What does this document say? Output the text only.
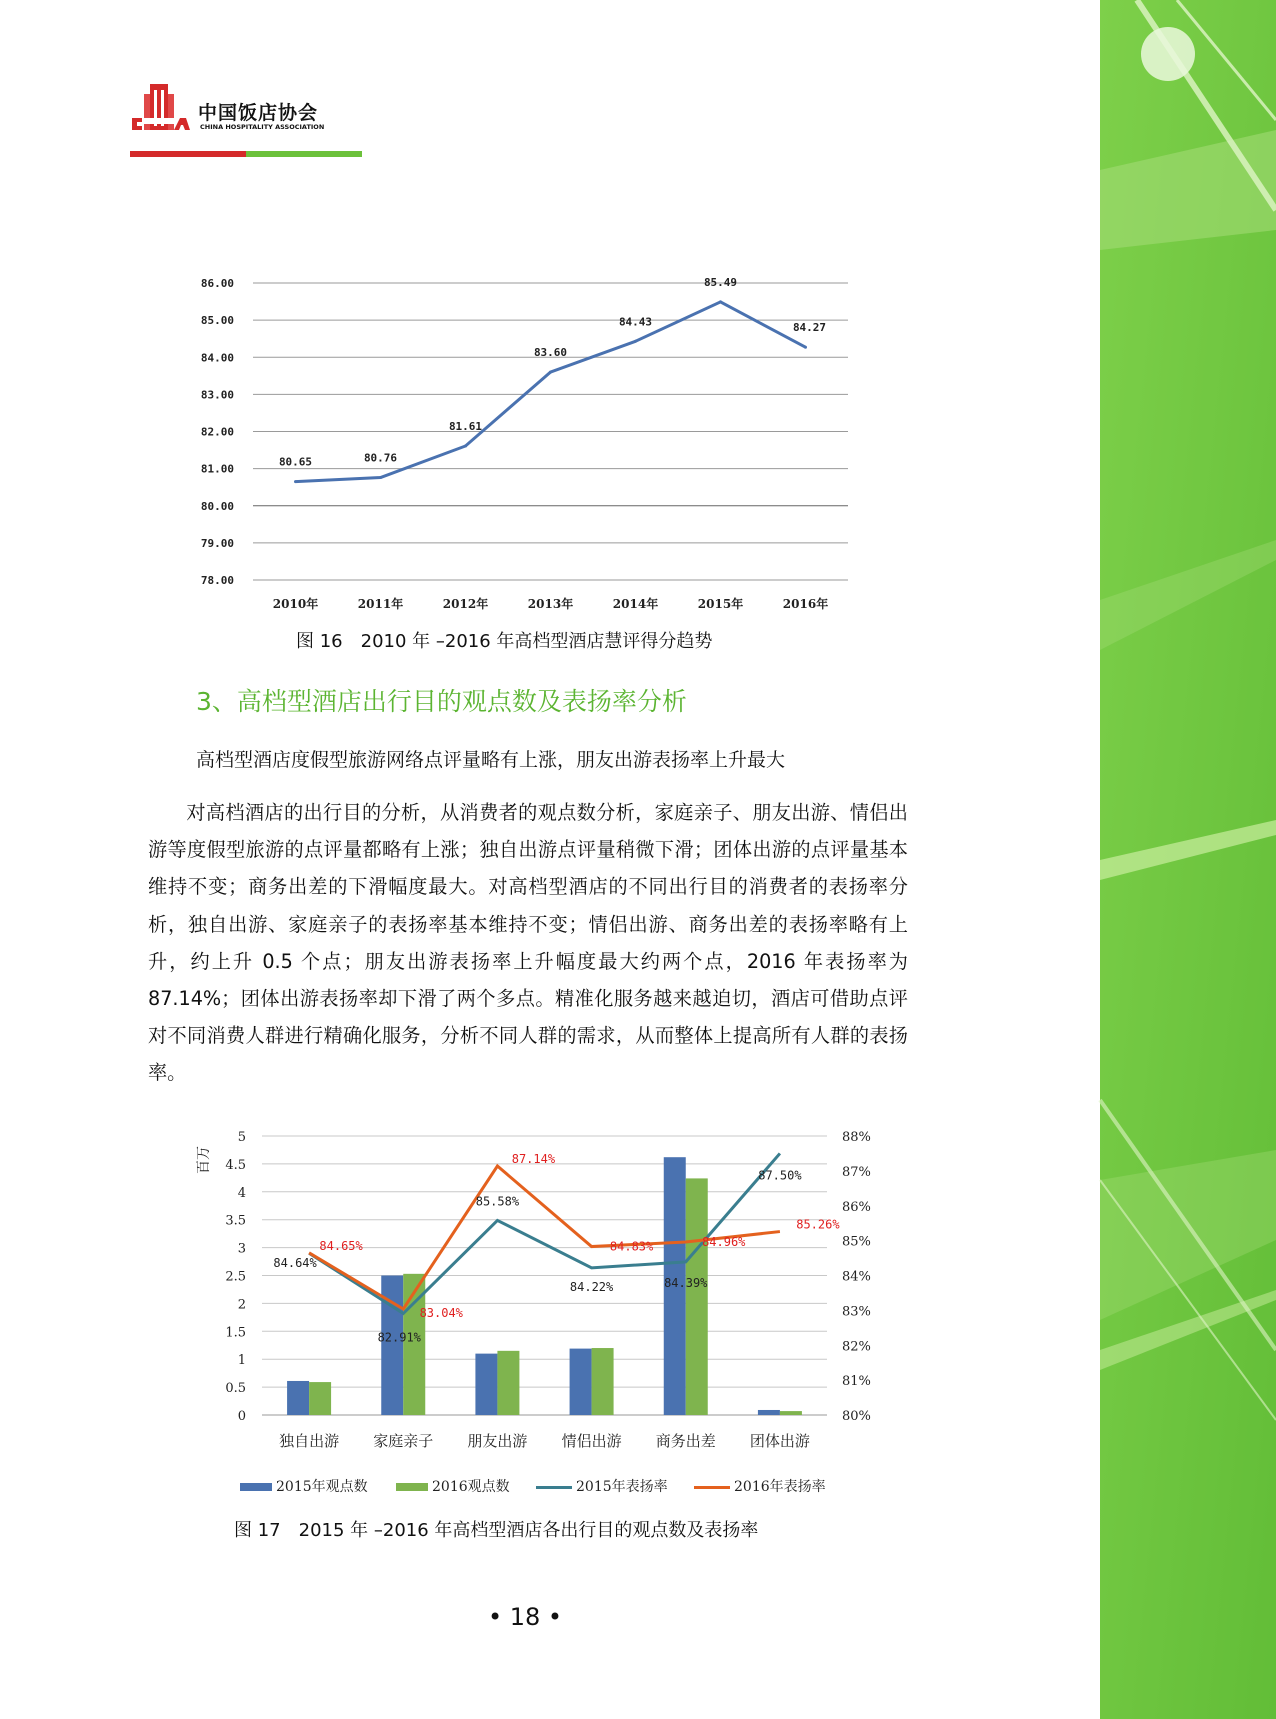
中国饭店协会
CHINA HOSPITALITY ASSOCIATION
78.00
79.00
80.00
81.00
82.00
83.00
84.00
85.00
86.00
2010年	2011年	2012年	2013年	2014年	2015年	2016年
80.65	80.76
81.61
83.60
84.43
85.49
84.27
图 16　2010 年 –2016 年高档型酒店慧评得分趋势
3、高档型酒店出行目的观点数及表扬率分析
高档型酒店度假型旅游网络点评量略有上涨，朋友出游表扬率上升最大

对高档酒店的出行目的分析，从消费者的观点数分析，家庭亲子、朋友出游、情侣出游等度假型旅游的点评量都略有上涨；独自出游点评量稍微下滑；团体出游的点评量基本维持不变；商务出差的下滑幅度最大。对高档型酒店的不同出行目的消费者的表扬率分析，独自出游、家庭亲子的表扬率基本维持不变；情侣出游、商务出差的表扬率略有上升，约上升 0.5 个点；朋友出游表扬率上升幅度最大约两个点，2016 年表扬率为 87.14%；团体出游表扬率却下滑了两个多点。精准化服务越来越迫切，酒店可借助点评对不同消费人群进行精确化服务，分析不同人群的需求，从而整体上提高所有人群的表扬率。

0
0.5
1
1.5
2
2.5
3
3.5
4
4.5
5
80%
81%
82%
83%
84%
85%
86%
87%
88%
百万
独自出游 家庭亲子 朋友出游 情侣出游 商务出差 团体出游
84.64%
82.91%
85.58%
84.22%	84.39%
87.50%
84.65%
83.04%
87.14%
84.83%	84.96%
85.26%
2015年观点数	2016观点数	2015年表扬率	2016年表扬率
图 17　2015 年 –2016 年高档型酒店各出行目的观点数及表扬率
• 18 •
